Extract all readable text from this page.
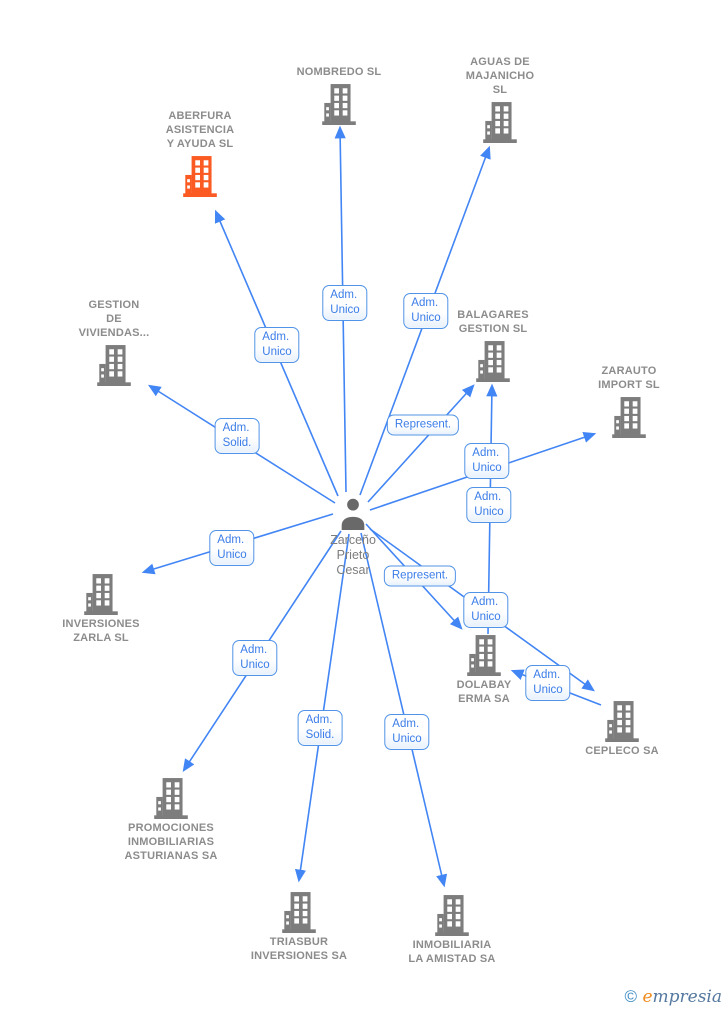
ABERFURA
ASISTENCIA
Y AYUDA SL
NOMBREDO SL
AGUAS DE
MAJANICHO
SL
GESTION
DE
VIVIENDAS...
BALAGARES
GESTION SL
ZARAUTO
IMPORT SL
INVERSIONES
ZARLA SL
DOLABAY
ERMA SA
CEPLECO SA
PROMOCIONES
INMOBILIARIAS
ASTURIANAS SA
TRIASBUR
INVERSIONES SA
INMOBILIARIA
LA AMISTAD SA
Zarceño
Prieto
Cesar
Adm.
Unico
Adm.
Unico
Adm.
Unico
Adm.
Solid.
Represent.
Adm.
Unico
Adm.
Unico
Adm.
Unico
Represent.
Adm.
Unico
Adm.
Unico
Adm.
Unico
Adm.
Solid.
Adm.
Unico
© empresia
